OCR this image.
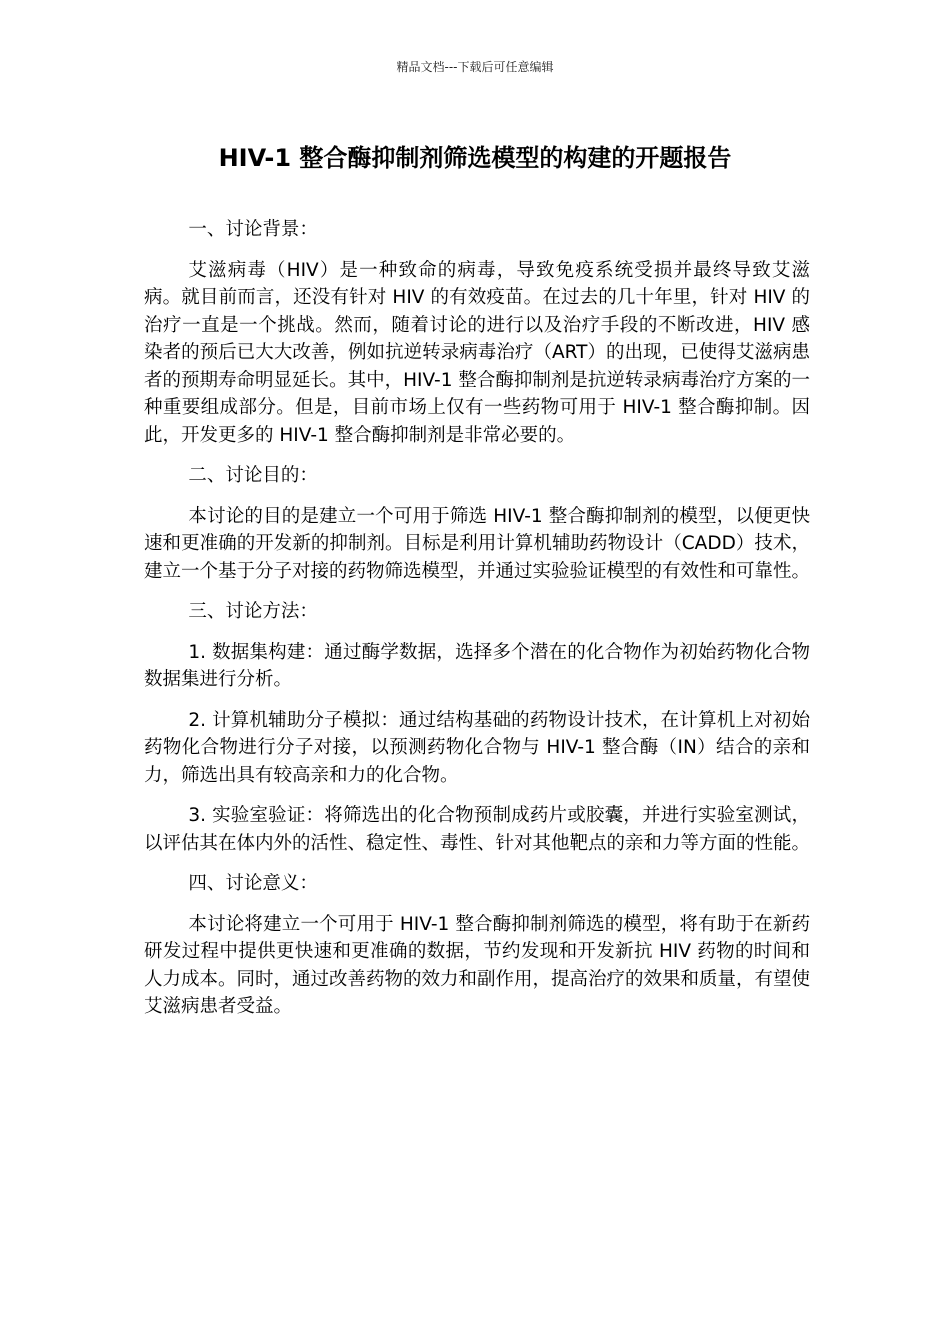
精品文档---下载后可任意编辑
HIV-1 整合酶抑制剂筛选模型的构建的开题报告

一、讨论背景：

艾滋病毒（HIV）是一种致命的病毒，导致免疫系统受损并最终导致艾滋病。就目前而言，还没有针对 HIV 的有效疫苗。在过去的几十年里，针对 HIV 的治疗一直是一个挑战。然而，随着讨论的进行以及治疗手段的不断改进，HIV 感染者的预后已大大改善，例如抗逆转录病毒治疗（ART）的出现，已使得艾滋病患者的预期寿命明显延长。其中，HIV-1 整合酶抑制剂是抗逆转录病毒治疗方案的一种重要组成部分。但是，目前市场上仅有一些药物可用于 HIV-1 整合酶抑制。因此，开发更多的 HIV-1 整合酶抑制剂是非常必要的。

二、讨论目的：

本讨论的目的是建立一个可用于筛选 HIV-1 整合酶抑制剂的模型，以便更快速和更准确的开发新的抑制剂。目标是利用计算机辅助药物设计（CADD）技术，建立一个基于分子对接的药物筛选模型，并通过实验验证模型的有效性和可靠性。

三、讨论方法：

1. 数据集构建：通过酶学数据，选择多个潜在的化合物作为初始药物化合物数据集进行分析。

2. 计算机辅助分子模拟：通过结构基础的药物设计技术，在计算机上对初始药物化合物进行分子对接，以预测药物化合物与 HIV-1 整合酶（IN）结合的亲和力，筛选出具有较高亲和力的化合物。

3. 实验室验证：将筛选出的化合物预制成药片或胶囊，并进行实验室测试，以评估其在体内外的活性、稳定性、毒性、针对其他靶点的亲和力等方面的性能。

四、讨论意义：

本讨论将建立一个可用于 HIV-1 整合酶抑制剂筛选的模型，将有助于在新药研发过程中提供更快速和更准确的数据，节约发现和开发新抗 HIV 药物的时间和人力成本。同时，通过改善药物的效力和副作用，提高治疗的效果和质量，有望使艾滋病患者受益。
